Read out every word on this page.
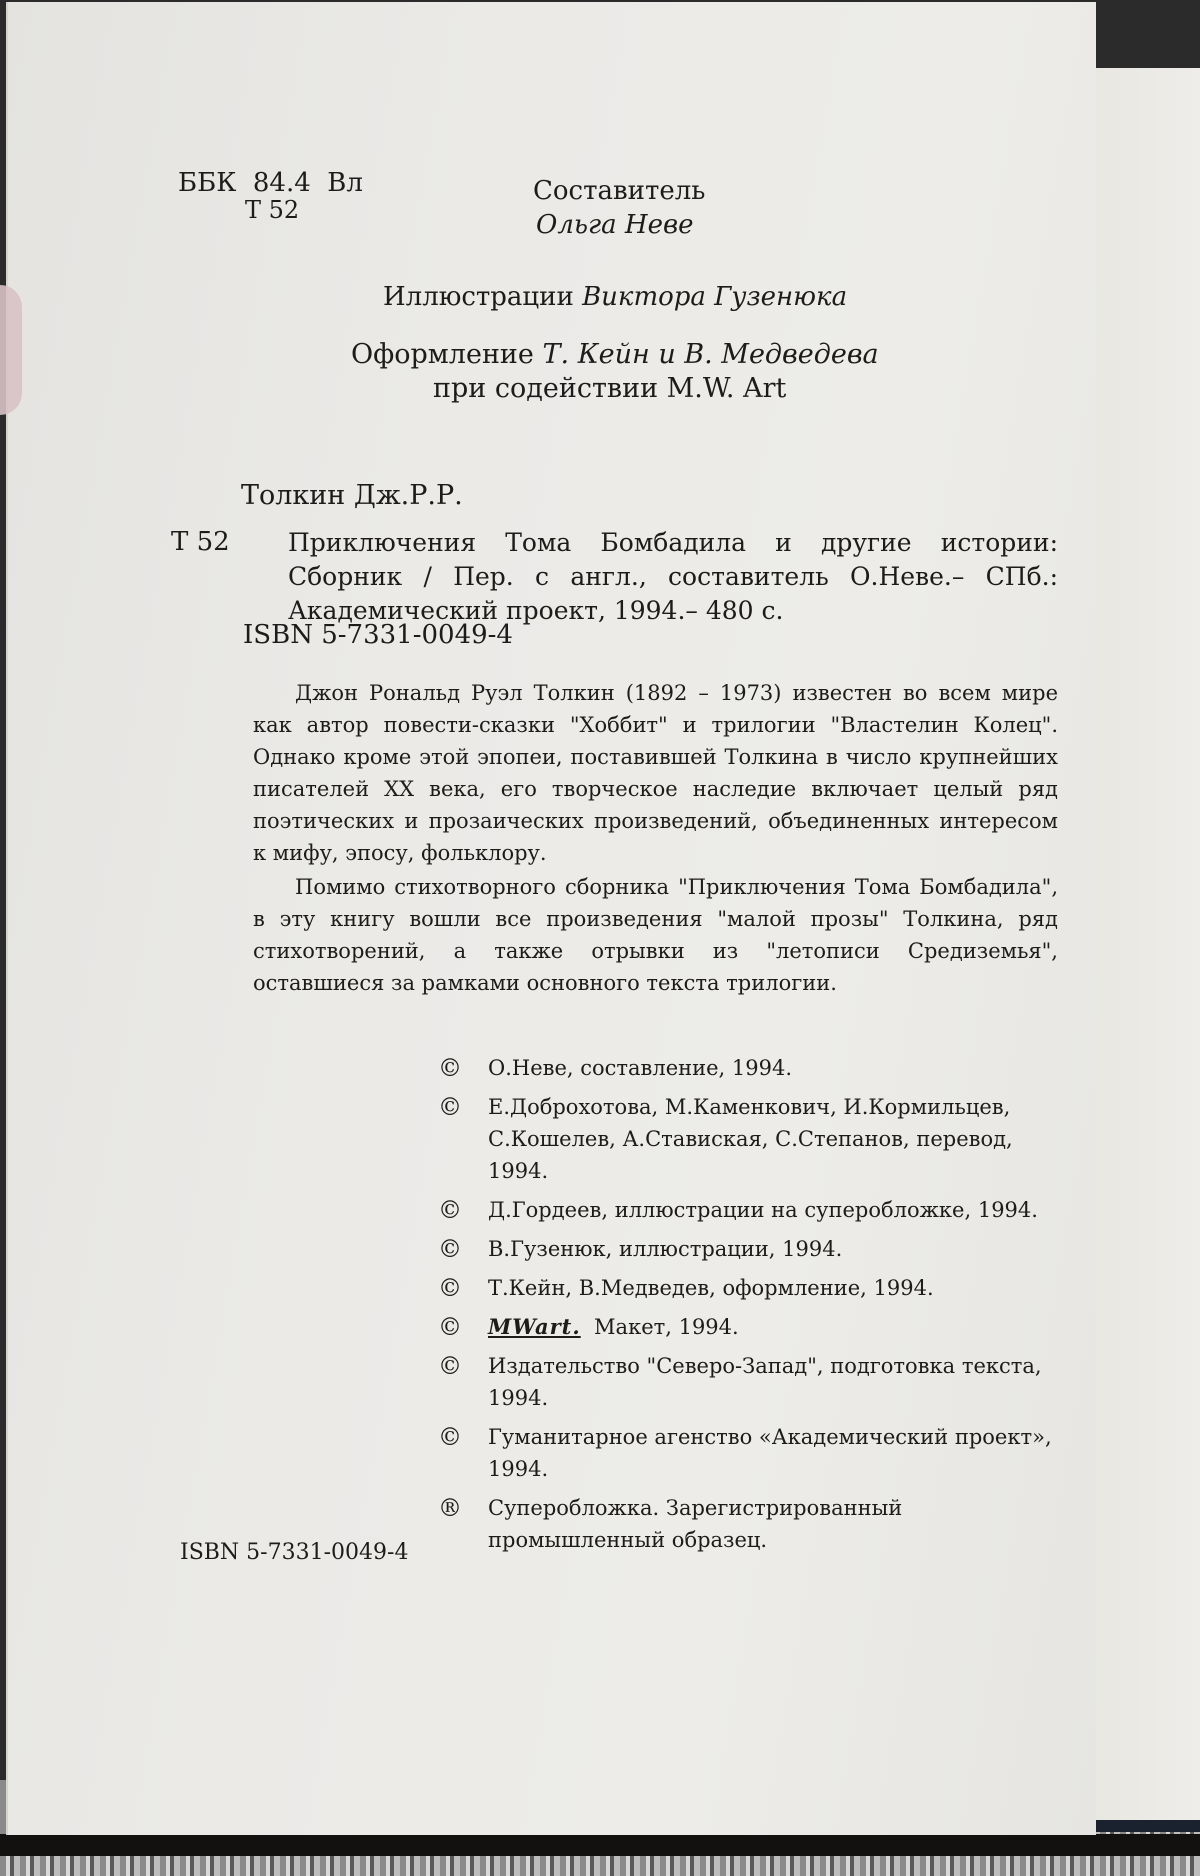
ББК 84.4 Вл
Т 52
Составитель
Ольга Неве
Иллюстрации Виктора Гузенюка
Оформление Т. Кейн и В. Медведева
при содействии M.W. Art
Толкин Дж.Р.Р.
Т 52 Приключения Тома Бомбадила и другие истории: Сборник / Пер. с англ., составитель О.Неве.– СПб.: Академический проект, 1994.– 480 с.

ISBN 5-7331-0049-4

Джон Рональд Руэл Толкин (1892 – 1973) известен во всем мире как автор повести-сказки "Хоббит" и трилогии "Властелин Колец". Однако кроме этой эпопеи, поставившей Толкина в число крупнейших писателей XX века, его творческое наследие включает целый ряд поэтических и прозаических произведений, объединенных интересом к мифу, эпосу, фольклору.

Помимо стихотворного сборника "Приключения Тома Бомбадила", в эту книгу вошли все произведения "малой прозы" Толкина, ряд стихотворений, а также отрывки из "летописи Средиземья", оставшиеся за рамками основного текста трилогии.

©	О.Неве, составление, 1994.
©	Е.Доброхотова, М.Каменкович, И.Кормильцев, С.Кошелев, А.Ставиская, С.Степанов, перевод, 1994.
©	Д.Гордеев, иллюстрации на суперобложке, 1994.
©	В.Гузенюк, иллюстрации, 1994.
©	Т.Кейн, В.Медведев, оформление, 1994.
©	MWart. Макет, 1994.
©	Издательство "Северо-Запад", подготовка текста, 1994.
©	Гуманитарное агенство «Академический проект», 1994.
®	Суперобложка. Зарегистрированный промышленный образец.
ISBN 5-7331-0049-4
